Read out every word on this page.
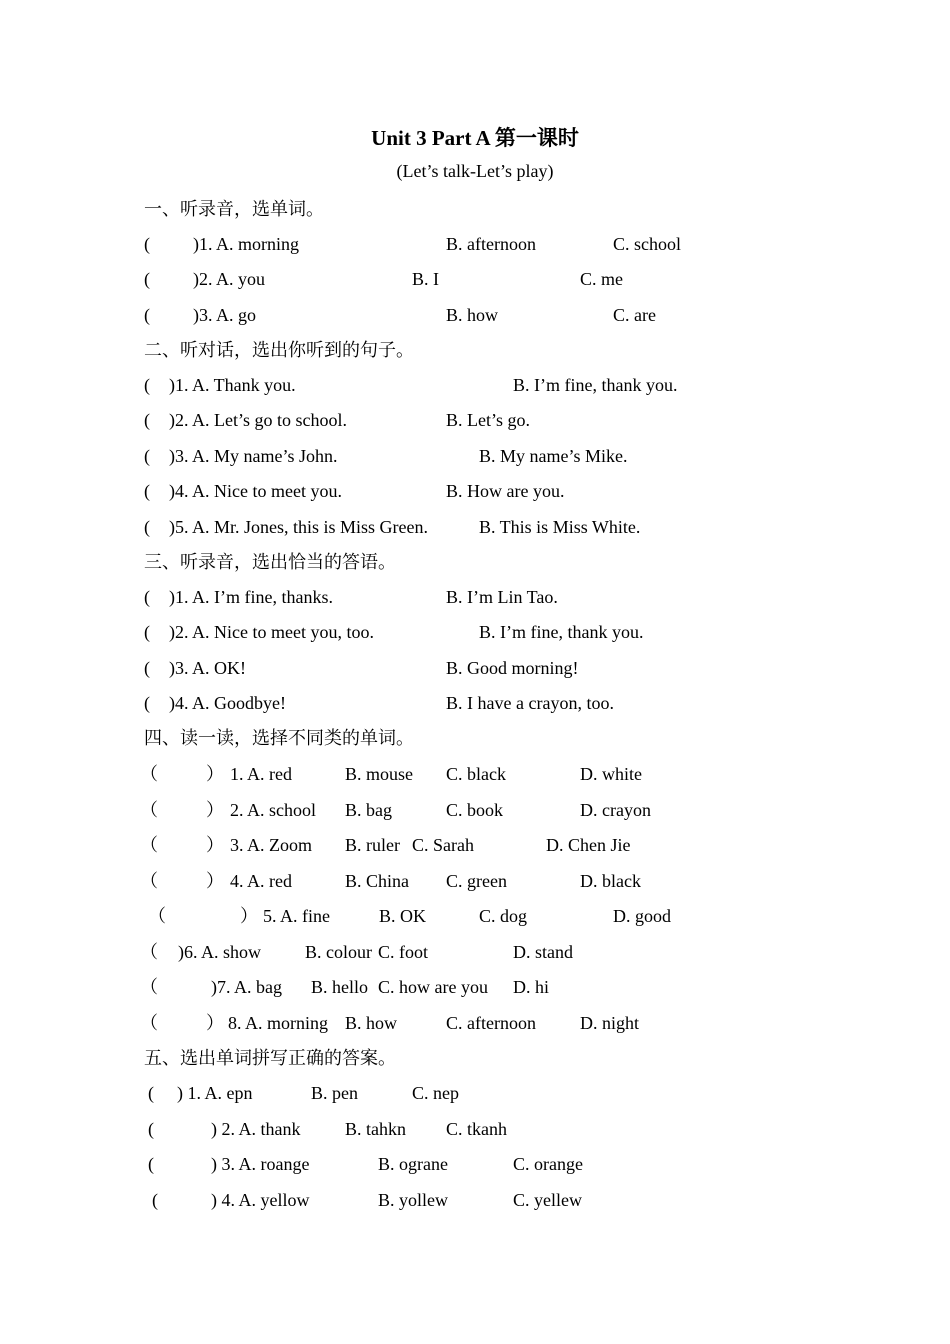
Unit 3 Part A 第一课时
(Let’s talk-Let’s play)
一、听录音，选单词。
( )1. A. morning	B. afternoon	C. school
( )2. A. you	B. I	C. me
( )3. A. go	B. how	C. are
二、听对话，选出你听到的句子。
( )1. A. Thank you.	B. I’m fine, thank you.
( )2. A. Let’s go to school.	B. Let’s go.
( )3. A. My name’s John.	B. My name’s Mike.
( )4. A. Nice to meet you.	B. How are you.
( )5. A. Mr. Jones, this is Miss Green.	B. This is Miss White.
三、听录音，选出恰当的答语。
( )1. A. I’m fine, thanks.	B. I’m Lin Tao.
( )2. A. Nice to meet you, too.	B. I’m fine, thank you.
( )3. A. OK!	B. Good morning!
( )4. A. Goodbye!	B. I have a crayon, too.
四、读一读，选择不同类的单词。
（	） 1. A. red	B. mouse C. black	D. white
（	） 2. A. school B. bag	C. book	D. crayon
（	） 3. A. Zoom B. ruler C. Sarah	D. Chen Jie
（	） 4. A. red	B. China C. green	D. black
（	） 5. A. fine	B. OK	C. dog	D. good
（ )6. A. show B. colour C. foot	D. stand
（	)7. A. bag B. hello C. how are you D. hi
（	） 8. A. morning B. how	C. afternoon D. night
五、选出单词拼写正确的答案。
( ) 1. A. epn	B. pen	C. nep
(	) 2. A. thank B. tahkn C. tkanh
(	) 3. A. roange	B. ograne	C. orange
(	) 4. A. yellow	B. yollew	C. yellew
